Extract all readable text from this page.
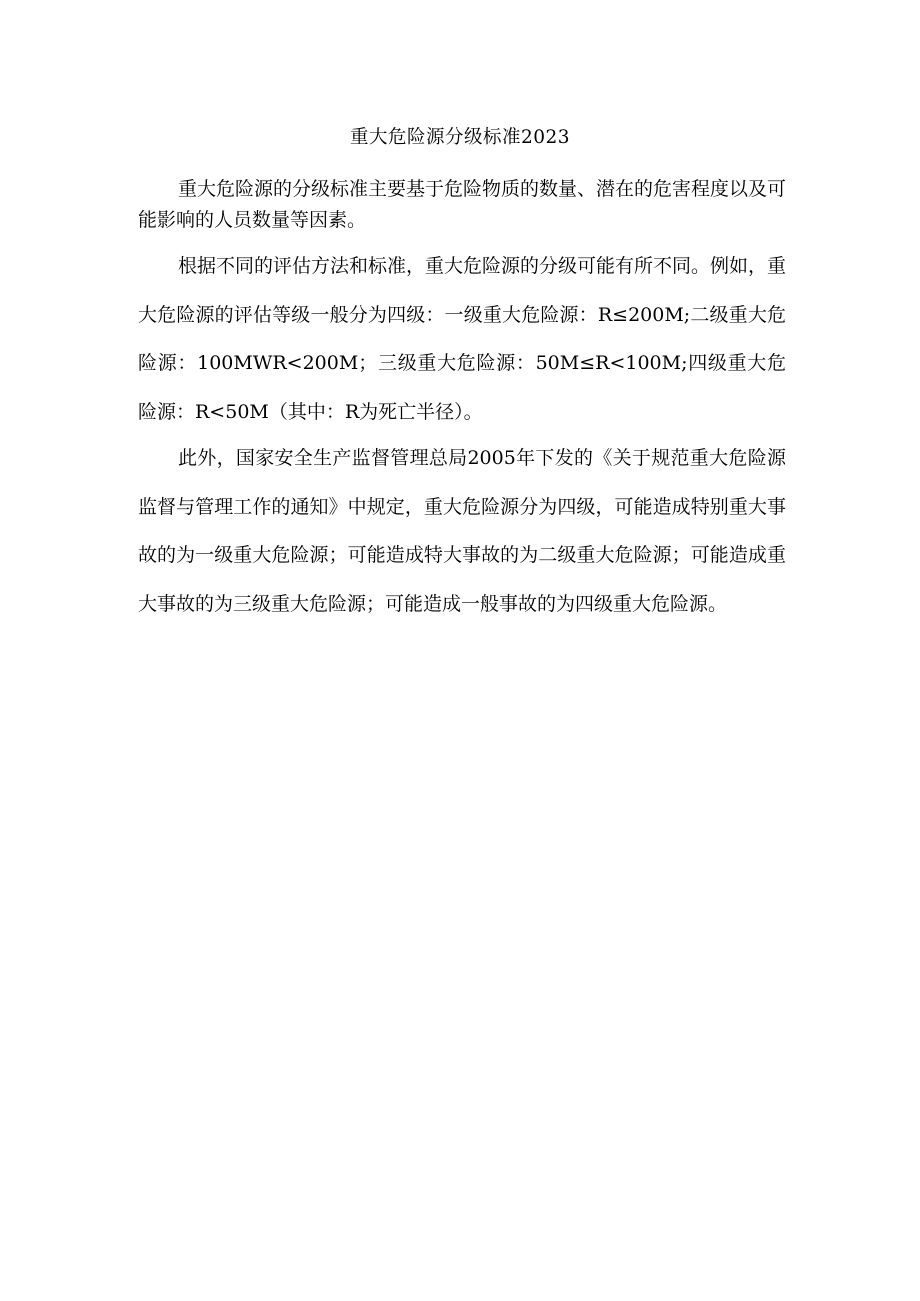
重大危险源分级标准2023

重大危险源的分级标准主要基于危险物质的数量、潜在的危害程度以及可能影响的人员数量等因素。

根据不同的评估方法和标准，重大危险源的分级可能有所不同。例如，重大危险源的评估等级一般分为四级：一级重大危险源：R≤200M;二级重大危险源：100MWR<200M；三级重大危险源：50M≤R<100M;四级重大危险源：R<50M（其中：R为死亡半径）。

此外，国家安全生产监督管理总局2005年下发的《关于规范重大危险源监督与管理工作的通知》中规定，重大危险源分为四级，可能造成特别重大事故的为一级重大危险源；可能造成特大事故的为二级重大危险源；可能造成重大事故的为三级重大危险源；可能造成一般事故的为四级重大危险源。
